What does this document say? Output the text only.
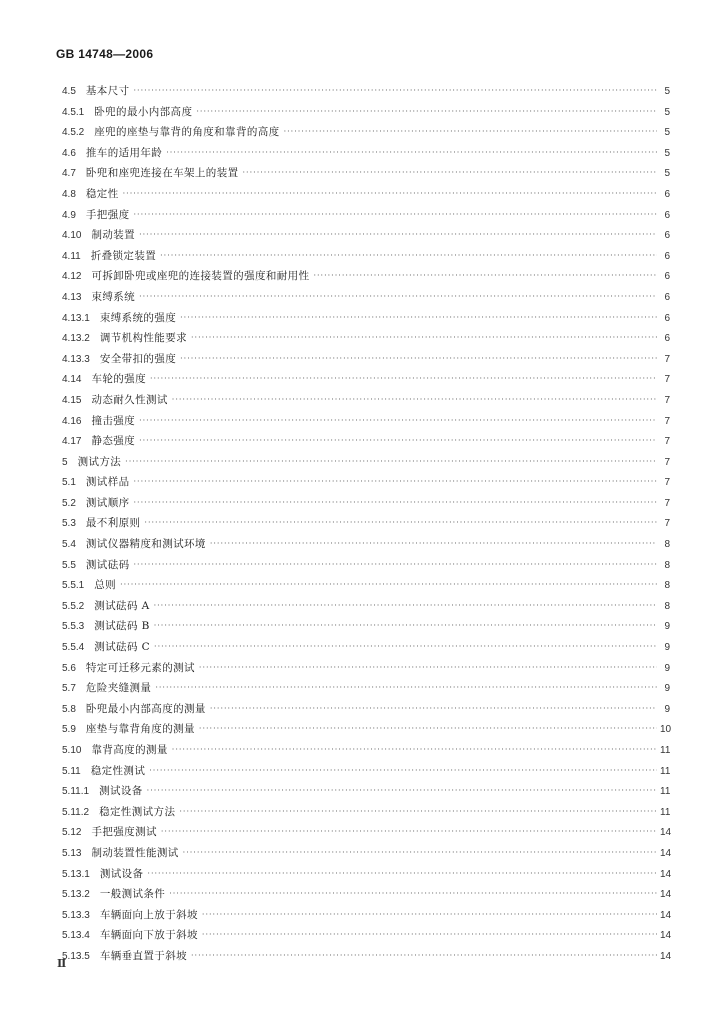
GB 14748—2006
4.5 基本尺寸 ·····	5
4.5.1 卧兜的最小内部高度 ·····	5
4.5.2 座兜的座垫与靠背的角度和靠背的高度 ·····	5
4.6 推车的适用年龄 ·····	5
4.7 卧兜和座兜连接在车架上的装置 ·····	5
4.8 稳定性 ·····	6
4.9 手把强度 ·····	6
4.10 制动装置 ·····	6
4.11 折叠锁定装置 ·····	6
4.12 可拆卸卧兜或座兜的连接装置的强度和耐用性 ·····	6
4.13 束缚系统 ·····	6
4.13.1 束缚系统的强度 ·····	6
4.13.2 调节机构性能要求 ·····	6
4.13.3 安全带扣的强度 ·····	7
4.14 车轮的强度 ·····	7
4.15 动态耐久性测试 ·····	7
4.16 撞击强度 ·····	7
4.17 静态强度 ·····	7
5 测试方法 ·····	7
5.1 测试样品 ·····	7
5.2 测试顺序 ·····	7
5.3 最不利原则 ·····	7
5.4 测试仪器精度和测试环境 ·····	8
5.5 测试砝码 ·····	8
5.5.1 总则 ·····	8
5.5.2 测试砝码 A ·····	8
5.5.3 测试砝码 B ·····	9
5.5.4 测试砝码 C ·····	9
5.6 特定可迁移元素的测试 ·····	9
5.7 危险夹缝测量 ·····	9
5.8 卧兜最小内部高度的测量 ·····	9
5.9 座垫与靠背角度的测量 ·····	10
5.10 靠背高度的测量 ·····	11
5.11 稳定性测试 ·····	11
5.11.1 测试设备 ·····	11
5.11.2 稳定性测试方法 ·····	11
5.12 手把强度测试 ·····	14
5.13 制动装置性能测试 ·····	14
5.13.1 测试设备 ·····	14
5.13.2 一般测试条件 ·····	14
5.13.3 车辆面向上放于斜坡 ·····	14
5.13.4 车辆面向下放于斜坡 ·····	14
5.13.5 车辆垂直置于斜坡 ·····	14
Ⅱ
